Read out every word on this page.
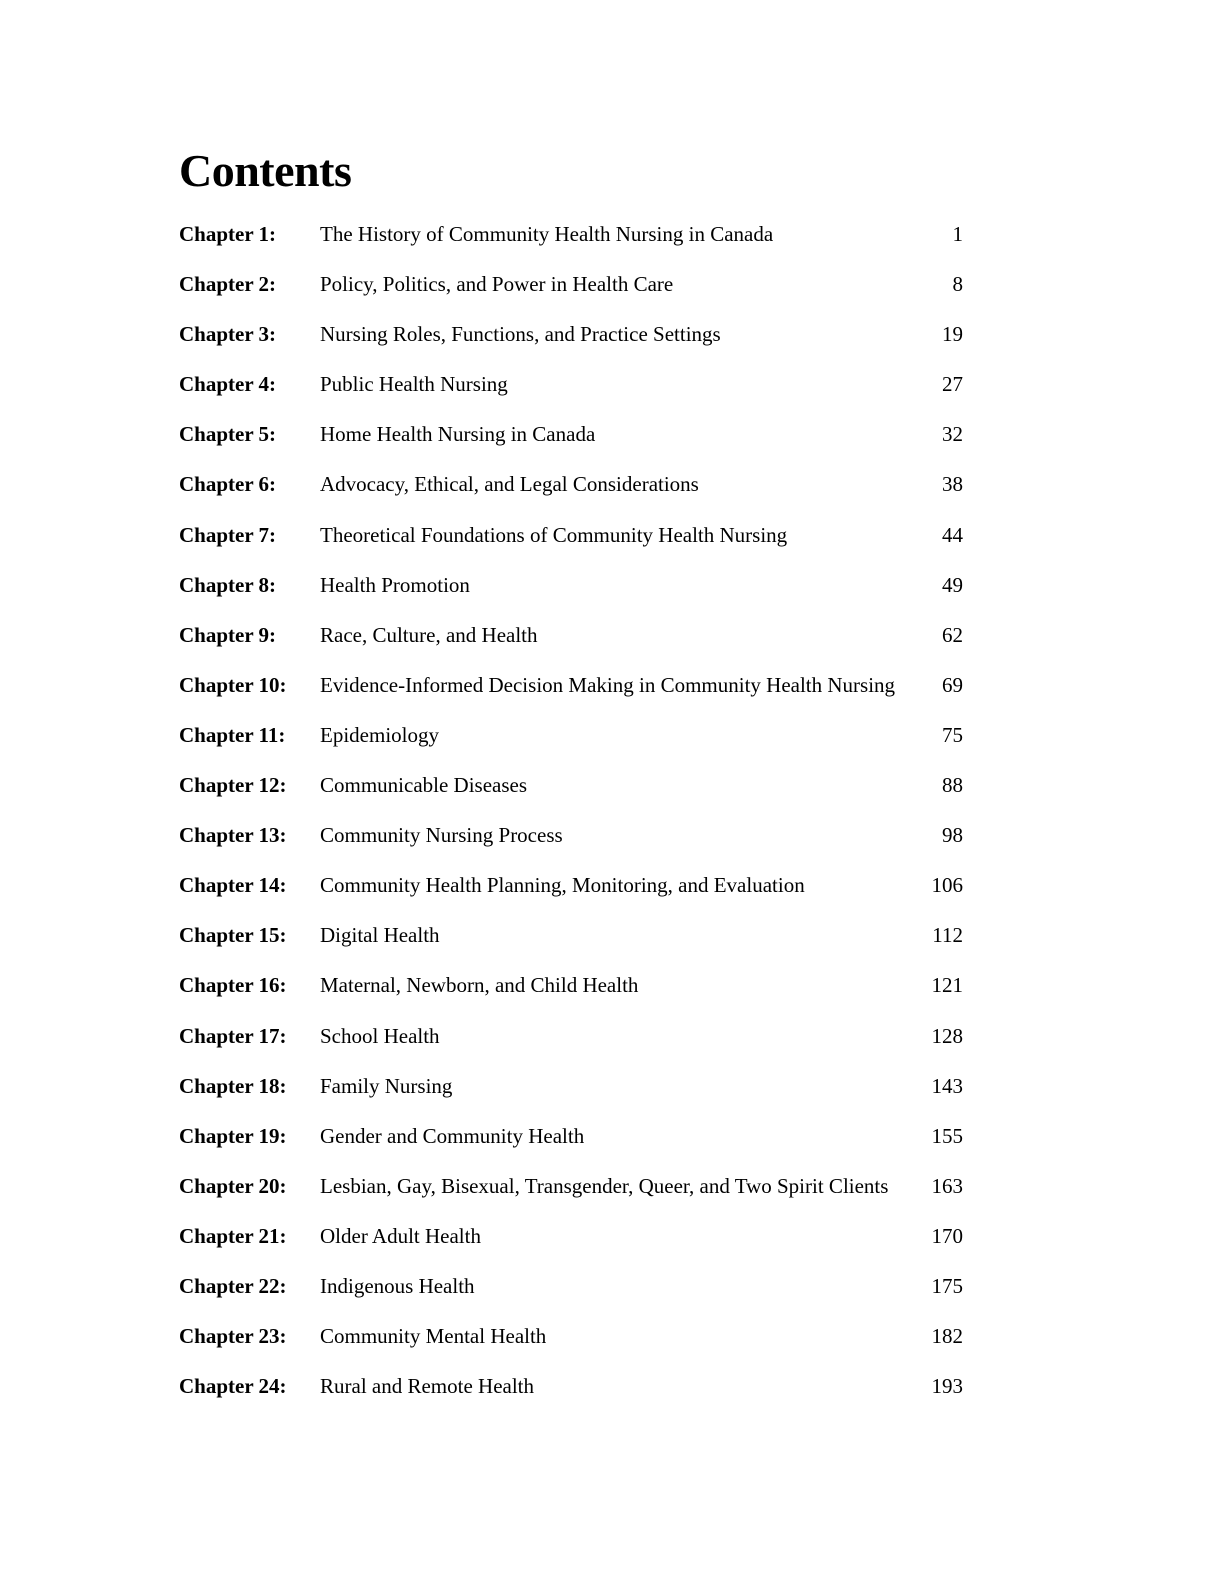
Contents
Chapter 1: The History of Community Health Nursing in Canada	1
Chapter 2: Policy, Politics, and Power in Health Care	8
Chapter 3: Nursing Roles, Functions, and Practice Settings	19
Chapter 4: Public Health Nursing	27
Chapter 5: Home Health Nursing in Canada	32
Chapter 6: Advocacy, Ethical, and Legal Considerations	38
Chapter 7: Theoretical Foundations of Community Health Nursing	44
Chapter 8: Health Promotion	49
Chapter 9: Race, Culture, and Health	62
Chapter 10: Evidence-Informed Decision Making in Community Health Nursing 69
Chapter 11: Epidemiology	75
Chapter 12: Communicable Diseases	88
Chapter 13: Community Nursing Process	98
Chapter 14: Community Health Planning, Monitoring, and Evaluation	106
Chapter 15: Digital Health	112
Chapter 16: Maternal, Newborn, and Child Health	121
Chapter 17: School Health	128
Chapter 18: Family Nursing	143
Chapter 19: Gender and Community Health	155
Chapter 20: Lesbian, Gay, Bisexual, Transgender, Queer, and Two Spirit Clients 163
Chapter 21: Older Adult Health	170
Chapter 22: Indigenous Health	175
Chapter 23: Community Mental Health	182
Chapter 24: Rural and Remote Health	193
